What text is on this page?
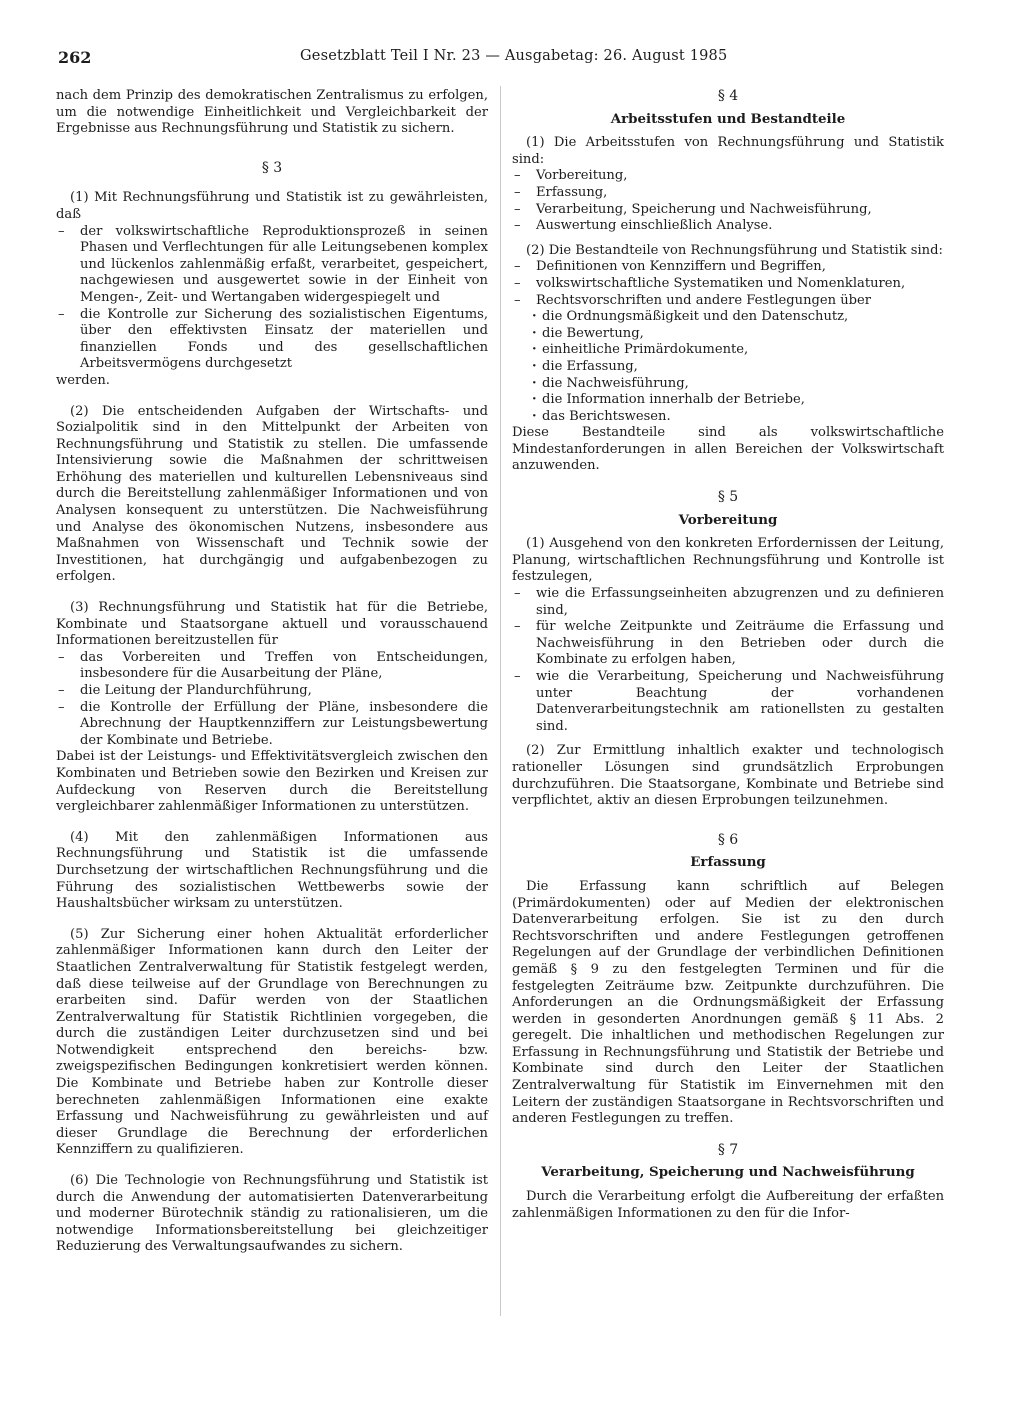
262	Gesetzblatt Teil I Nr. 23 — Ausgabetag: 26. August 1985

nach dem Prinzip des demokratischen Zentralismus zu erfolgen, um die notwendige Einheitlichkeit und Vergleichbarkeit der Ergebnisse aus Rechnungsführung und Statistik zu sichern.

§ 3

(1) Mit Rechnungsführung und Statistik ist zu gewährleisten, daß

– der volkswirtschaftliche Reproduktionsprozeß in seinen Phasen und Verflechtungen für alle Leitungsebenen komplex und lückenlos zahlenmäßig erfaßt, verarbeitet, gespeichert, nachgewiesen und ausgewertet sowie in der Einheit von Mengen-, Zeit- und Wertangaben widergespiegelt und
– die Kontrolle zur Sicherung des sozialistischen Eigentums, über den effektivsten Einsatz der materiellen und finanziellen Fonds und des gesellschaftlichen Arbeitsvermögens durchgesetzt

werden.

(2) Die entscheidenden Aufgaben der Wirtschafts- und Sozialpolitik sind in den Mittelpunkt der Arbeiten von Rechnungsführung und Statistik zu stellen. Die umfassende Intensivierung sowie die Maßnahmen der schrittweisen Erhöhung des materiellen und kulturellen Lebensniveaus sind durch die Bereitstellung zahlenmäßiger Informationen und von Analysen konsequent zu unterstützen. Die Nachweisführung und Analyse des ökonomischen Nutzens, insbesondere aus Maßnahmen von Wissenschaft und Technik sowie der Investitionen, hat durchgängig und aufgabenbezogen zu erfolgen.

(3) Rechnungsführung und Statistik hat für die Betriebe, Kombinate und Staatsorgane aktuell und vorausschauend Informationen bereitzustellen für

– das Vorbereiten und Treffen von Entscheidungen, insbesondere für die Ausarbeitung der Pläne,
– die Leitung der Plandurchführung,
– die Kontrolle der Erfüllung der Pläne, insbesondere die Abrechnung der Hauptkennziffern zur Leistungsbewertung der Kombinate und Betriebe.

Dabei ist der Leistungs- und Effektivitätsvergleich zwischen den Kombinaten und Betrieben sowie den Bezirken und Kreisen zur Aufdeckung von Reserven durch die Bereitstellung vergleichbarer zahlenmäßiger Informationen zu unterstützen.

(4) Mit den zahlenmäßigen Informationen aus Rechnungsführung und Statistik ist die umfassende Durchsetzung der wirtschaftlichen Rechnungsführung und die Führung des sozialistischen Wettbewerbs sowie der Haushaltsbücher wirksam zu unterstützen.

(5) Zur Sicherung einer hohen Aktualität erforderlicher zahlenmäßiger Informationen kann durch den Leiter der Staatlichen Zentralverwaltung für Statistik festgelegt werden, daß diese teilweise auf der Grundlage von Berechnungen zu erarbeiten sind. Dafür werden von der Staatlichen Zentralverwaltung für Statistik Richtlinien vorgegeben, die durch die zuständigen Leiter durchzusetzen sind und bei Notwendigkeit entsprechend den bereichs- bzw. zweigspezifischen Bedingungen konkretisiert werden können. Die Kombinate und Betriebe haben zur Kontrolle dieser berechneten zahlenmäßigen Informationen eine exakte Erfassung und Nachweisführung zu gewährleisten und auf dieser Grundlage die Berechnung der erforderlichen Kennziffern zu qualifizieren.

(6) Die Technologie von Rechnungsführung und Statistik ist durch die Anwendung der automatisierten Datenverarbeitung und moderner Bürotechnik ständig zu rationalisieren, um die notwendige Informationsbereitstellung bei gleichzeitiger Reduzierung des Verwaltungsaufwandes zu sichern.

§ 4
Arbeitsstufen und Bestandteile

(1) Die Arbeitsstufen von Rechnungsführung und Statistik sind:

– Vorbereitung,
– Erfassung,
– Verarbeitung, Speicherung und Nachweisführung,
– Auswertung einschließlich Analyse.

(2) Die Bestandteile von Rechnungsführung und Statistik sind:

– Definitionen von Kennziffern und Begriffen,
– volkswirtschaftliche Systematiken und Nomenklaturen,
– Rechtsvorschriften und andere Festlegungen über
· die Ordnungsmäßigkeit und den Datenschutz,
· die Bewertung,
· einheitliche Primärdokumente,
· die Erfassung,
· die Nachweisführung,
· die Information innerhalb der Betriebe,
· das Berichtswesen.

Diese Bestandteile sind als volkswirtschaftliche Mindestanforderungen in allen Bereichen der Volkswirtschaft anzuwenden.

§ 5
Vorbereitung

(1) Ausgehend von den konkreten Erfordernissen der Leitung, Planung, wirtschaftlichen Rechnungsführung und Kontrolle ist festzulegen,

– wie die Erfassungseinheiten abzugrenzen und zu definieren sind,
– für welche Zeitpunkte und Zeiträume die Erfassung und Nachweisführung in den Betrieben oder durch die Kombinate zu erfolgen haben,
– wie die Verarbeitung, Speicherung und Nachweisführung unter Beachtung der vorhandenen Datenverarbeitungstechnik am rationellsten zu gestalten sind.

(2) Zur Ermittlung inhaltlich exakter und technologisch rationeller Lösungen sind grundsätzlich Erprobungen durchzuführen. Die Staatsorgane, Kombinate und Betriebe sind verpflichtet, aktiv an diesen Erprobungen teilzunehmen.

§ 6
Erfassung

Die Erfassung kann schriftlich auf Belegen (Primärdokumenten) oder auf Medien der elektronischen Datenverarbeitung erfolgen. Sie ist zu den durch Rechtsvorschriften und andere Festlegungen getroffenen Regelungen auf der Grundlage der verbindlichen Definitionen gemäß § 9 zu den festgelegten Terminen und für die festgelegten Zeiträume bzw. Zeitpunkte durchzuführen. Die Anforderungen an die Ordnungsmäßigkeit der Erfassung werden in gesonderten Anordnungen gemäß § 11 Abs. 2 geregelt. Die inhaltlichen und methodischen Regelungen zur Erfassung in Rechnungsführung und Statistik der Betriebe und Kombinate sind durch den Leiter der Staatlichen Zentralverwaltung für Statistik im Einvernehmen mit den Leitern der zuständigen Staatsorgane in Rechtsvorschriften und anderen Festlegungen zu treffen.

§ 7
Verarbeitung, Speicherung und Nachweisführung

Durch die Verarbeitung erfolgt die Aufbereitung der erfaßten zahlenmäßigen Informationen zu den für die Infor-
